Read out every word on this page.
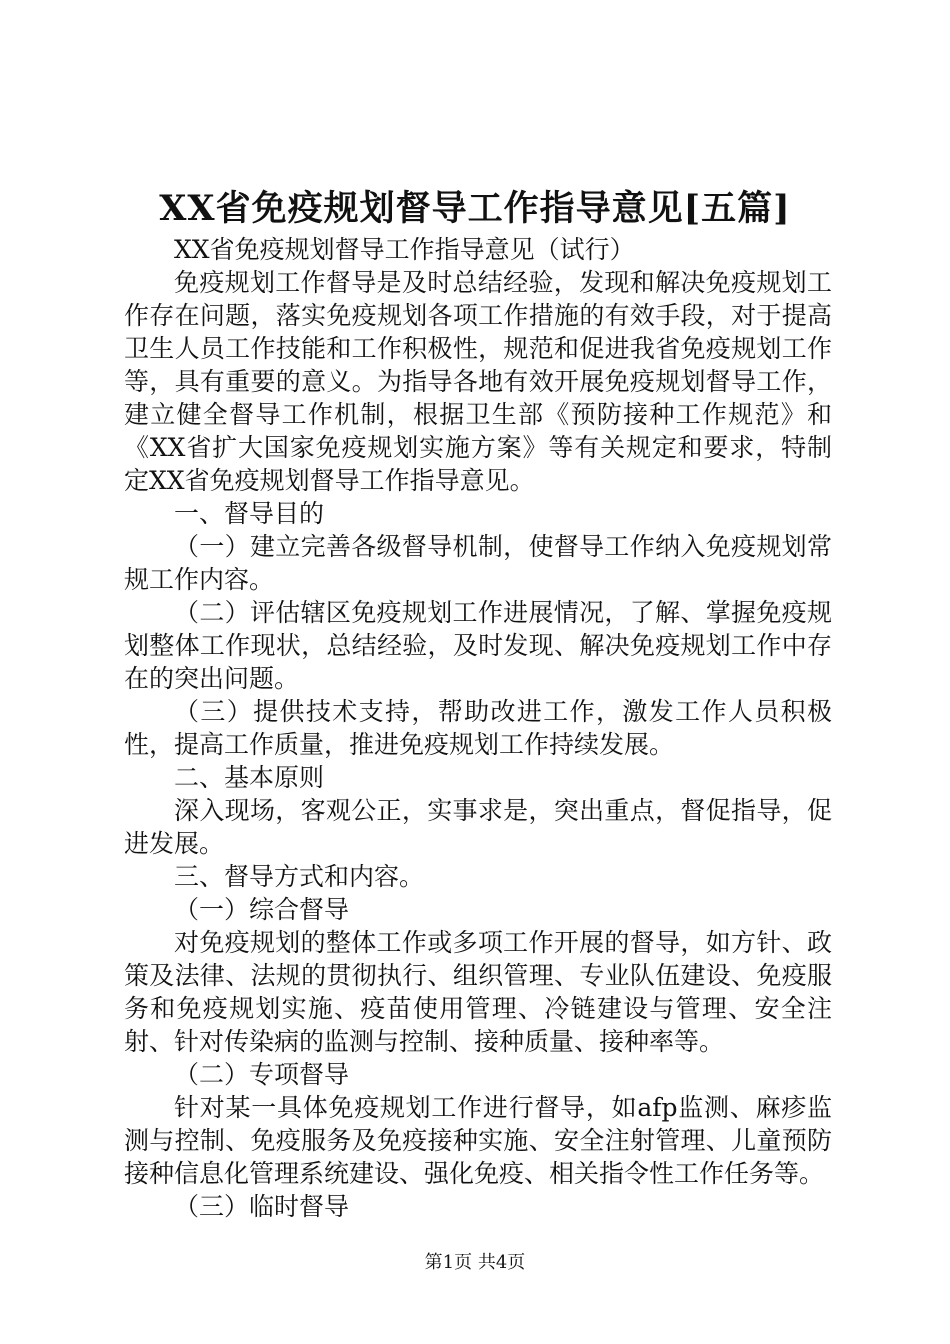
XX省免疫规划督导工作指导意见[五篇]

XX省免疫规划督导工作指导意见（试行）

免疫规划工作督导是及时总结经验，发现和解决免疫规划工作存在问题，落实免疫规划各项工作措施的有效手段，对于提高卫生人员工作技能和工作积极性，规范和促进我省免疫规划工作等，具有重要的意义。为指导各地有效开展免疫规划督导工作，建立健全督导工作机制，根据卫生部《预防接种工作规范》和《XX省扩大国家免疫规划实施方案》等有关规定和要求，特制定XX省免疫规划督导工作指导意见。

一、督导目的

（一）建立完善各级督导机制，使督导工作纳入免疫规划常规工作内容。

（二）评估辖区免疫规划工作进展情况，了解、掌握免疫规划整体工作现状，总结经验，及时发现、解决免疫规划工作中存在的突出问题。

（三）提供技术支持，帮助改进工作，激发工作人员积极性，提高工作质量，推进免疫规划工作持续发展。

二、基本原则

深入现场，客观公正，实事求是，突出重点，督促指导，促进发展。

三、督导方式和内容。

（一）综合督导

对免疫规划的整体工作或多项工作开展的督导，如方针、政策及法律、法规的贯彻执行、组织管理、专业队伍建设、免疫服务和免疫规划实施、疫苗使用管理、冷链建设与管理、安全注射、针对传染病的监测与控制、接种质量、接种率等。

（二）专项督导

针对某一具体免疫规划工作进行督导，如afp监测、麻疹监测与控制、免疫服务及免疫接种实施、安全注射管理、儿童预防接种信息化管理系统建设、强化免疫、相关指令性工作任务等。

（三）临时督导

第1页 共4页
